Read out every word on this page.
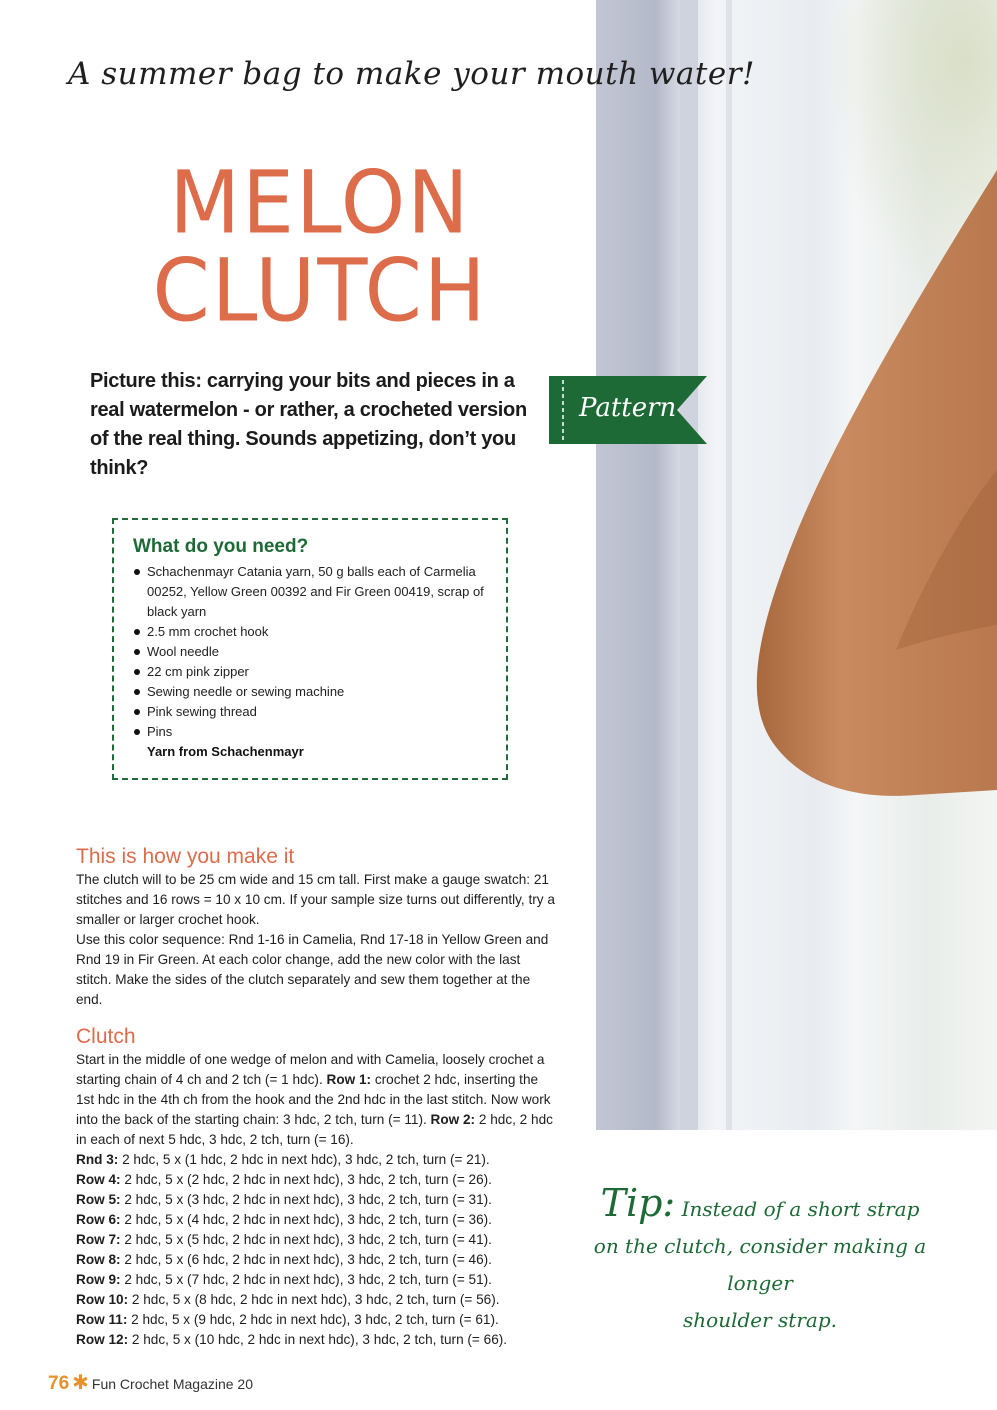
A summer bag to make your mouth water!
MELON
CLUTCH
Picture this: carrying your bits and pieces in a real watermelon - or rather, a crocheted version of the real thing. Sounds appetizing, don’t you think?
Pattern
What do you need?
Schachenmayr Catania yarn, 50 g balls each of Carmelia 00252, Yellow Green 00392 and Fir Green 00419, scrap of black yarn
2.5 mm crochet hook
Wool needle
22 cm pink zipper
Sewing needle or sewing machine
Pink sewing thread
Pins
Yarn from Schachenmayr
This is how you make it

The clutch will to be 25 cm wide and 15 cm tall. First make a gauge swatch: 21 stitches and 16 rows = 10 x 10 cm. If your sample size turns out differently, try a smaller or larger crochet hook.

Use this color sequence: Rnd 1-16 in Camelia, Rnd 17-18 in Yellow Green and Rnd 19 in Fir Green. At each color change, add the new color with the last stitch. Make the sides of the clutch separately and sew them together at the end.

Clutch

Start in the middle of one wedge of melon and with Camelia, loosely crochet a starting chain of 4 ch and 2 tch (= 1 hdc). Row 1: crochet 2 hdc, inserting the 1st hdc in the 4th ch from the hook and the 2nd hdc in the last stitch. Now work into the back of the starting chain: 3 hdc, 2 tch, turn (= 11). Row 2: 2 hdc, 2 hdc in each of next 5 hdc, 3 hdc, 2 tch, turn (= 16).

Rnd 3: 2 hdc, 5 x (1 hdc, 2 hdc in next hdc), 3 hdc, 2 tch, turn (= 21).
Row 4: 2 hdc, 5 x (2 hdc, 2 hdc in next hdc), 3 hdc, 2 tch, turn (= 26).
Row 5: 2 hdc, 5 x (3 hdc, 2 hdc in next hdc), 3 hdc, 2 tch, turn (= 31).
Row 6: 2 hdc, 5 x (4 hdc, 2 hdc in next hdc), 3 hdc, 2 tch, turn (= 36).
Row 7: 2 hdc, 5 x (5 hdc, 2 hdc in next hdc), 3 hdc, 2 tch, turn (= 41).
Row 8: 2 hdc, 5 x (6 hdc, 2 hdc in next hdc), 3 hdc, 2 tch, turn (= 46).
Row 9: 2 hdc, 5 x (7 hdc, 2 hdc in next hdc), 3 hdc, 2 tch, turn (= 51).
Row 10: 2 hdc, 5 x (8 hdc, 2 hdc in next hdc), 3 hdc, 2 tch, turn (= 56).
Row 11: 2 hdc, 5 x (9 hdc, 2 hdc in next hdc), 3 hdc, 2 tch, turn (= 61).
Row 12: 2 hdc, 5 x (10 hdc, 2 hdc in next hdc), 3 hdc, 2 tch, turn (= 66).
Tip: Instead of a short strap
on the clutch, consider making a longer
shoulder strap.
76 ✱ Fun Crochet Magazine 20
